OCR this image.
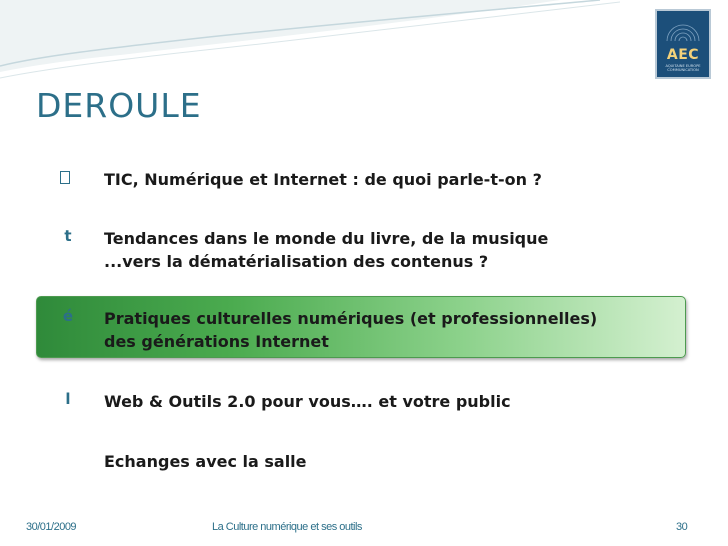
AEC
AQUITAINE EUROPE COMMUNICATION
DEROULE
TIC, Numérique et Internet : de quoi parle-t-on ?
t	Tendances dans le monde du livre, de la musique
...vers la dématérialisation des contenus ?
é	Pratiques culturelles numériques (et professionnelles)
des générations Internet
l	Web & Outils 2.0 pour vous…. et votre public
Echanges avec la salle
30/01/2009	La Culture numérique et ses outils	30
